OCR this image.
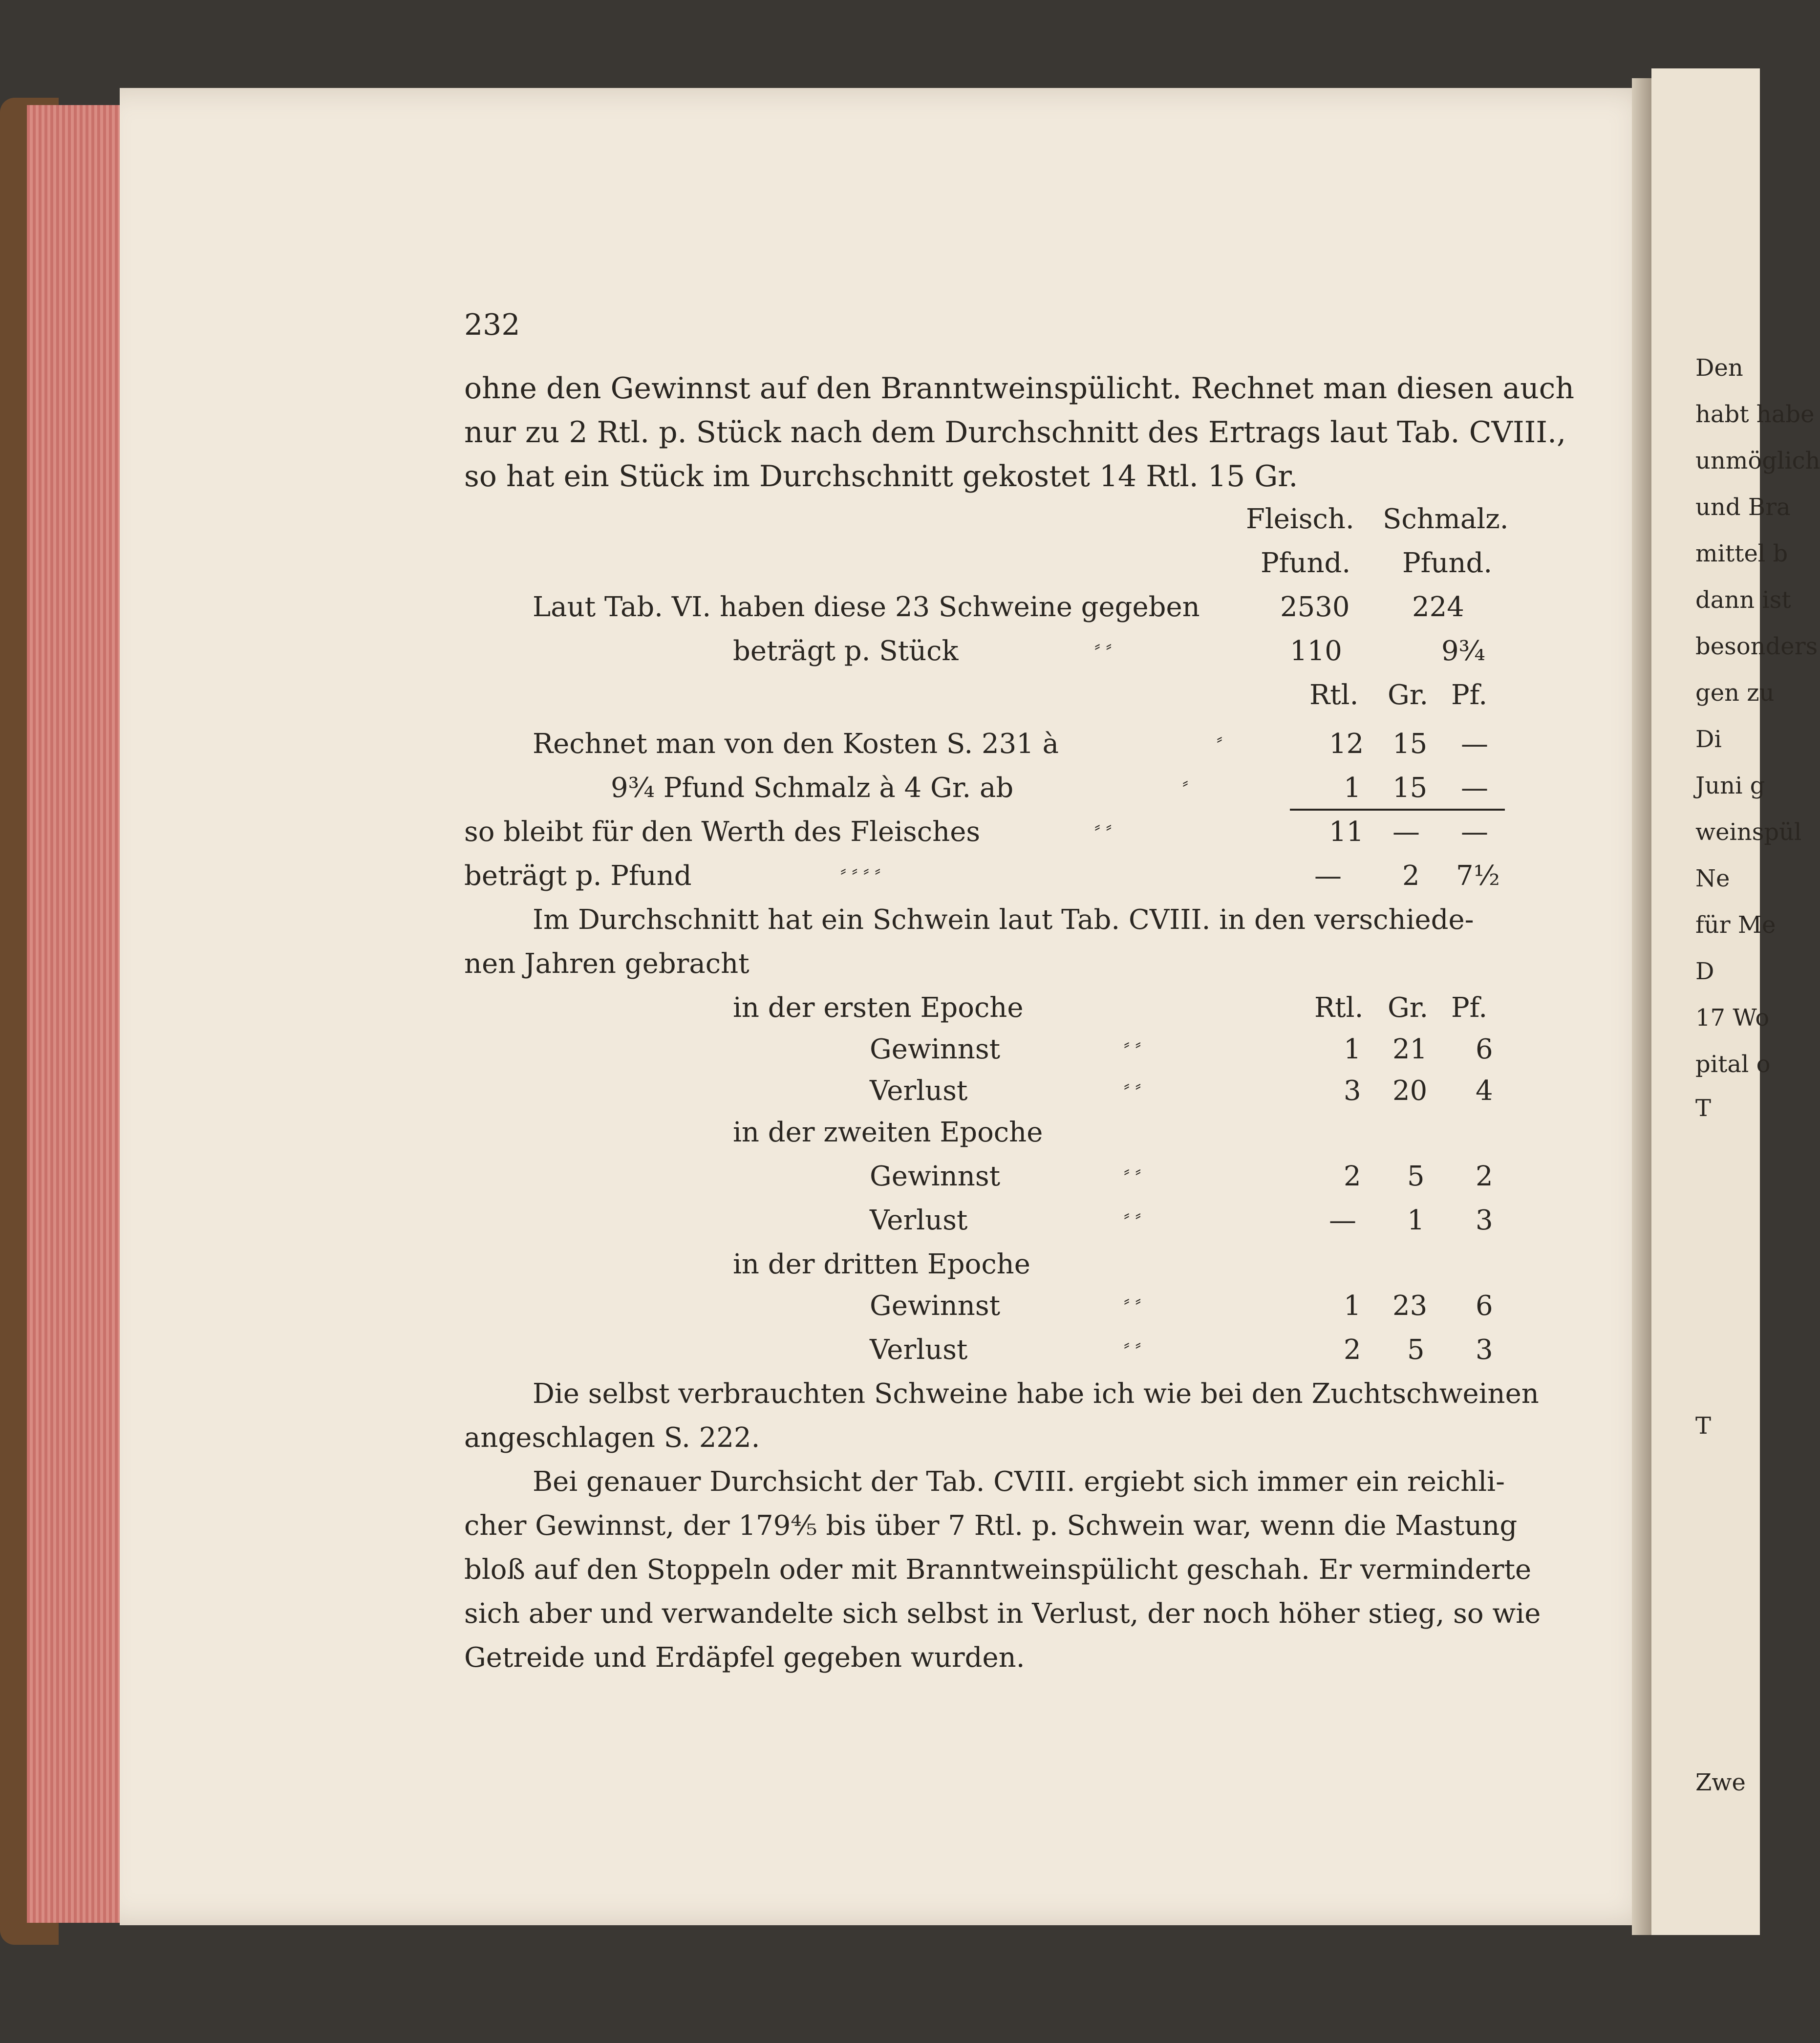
Den
habt habe
unmöglich
und Bra
mittel b
dann ist
besonders
gen zu
Di
Juni g
weinspül
Ne
für Me
D
17 Wo
pital o
T
T
Zwe
232
ohne den Gewinnst auf den Branntweinspülicht. Rechnet man diesen auch
nur zu 2 Rtl. p. Stück nach dem Durchschnitt des Ertrags laut Tab. CVIII.,
so hat ein Stück im Durchschnitt gekostet 14 Rtl. 15 Gr.
Fleisch. Schmalz.
Pfund. Pfund.
Laut Tab. VI. haben diese 23 Schweine gegeben	2530 224
beträgt p. Stück	⸗ ⸗	110	9¾
Rtl. Gr. Pf.
Rechnet man von den Kosten S. 231 à	⸗	12 15 —
9¾ Pfund Schmalz à 4 Gr. ab	⸗	1 15 —
so bleibt für den Werth des Fleisches	⸗ ⸗	11 — —
beträgt p. Pfund	⸗ ⸗ ⸗ ⸗	— 2 7½
Im Durchschnitt hat ein Schwein laut Tab. CVIII. in den verschiede-
nen Jahren gebracht
in der ersten Epoche	Rtl. Gr. Pf.
Gewinnst	⸗ ⸗	1 21 6
Verlust	⸗ ⸗	3 20 4
in der zweiten Epoche
Gewinnst	⸗ ⸗	2 5 2
Verlust	⸗ ⸗	— 1 3
in der dritten Epoche
Gewinnst	⸗ ⸗	1 23 6
Verlust	⸗ ⸗	2 5 3
Die selbst verbrauchten Schweine habe ich wie bei den Zuchtschweinen
angeschlagen S. 222.
Bei genauer Durchsicht der Tab. CVIII. ergiebt sich immer ein reichli-
cher Gewinnst, der 179⅘ bis über 7 Rtl. p. Schwein war, wenn die Mastung
bloß auf den Stoppeln oder mit Branntweinspülicht geschah. Er verminderte
sich aber und verwandelte sich selbst in Verlust, der noch höher stieg, so wie
Getreide und Erdäpfel gegeben wurden.
